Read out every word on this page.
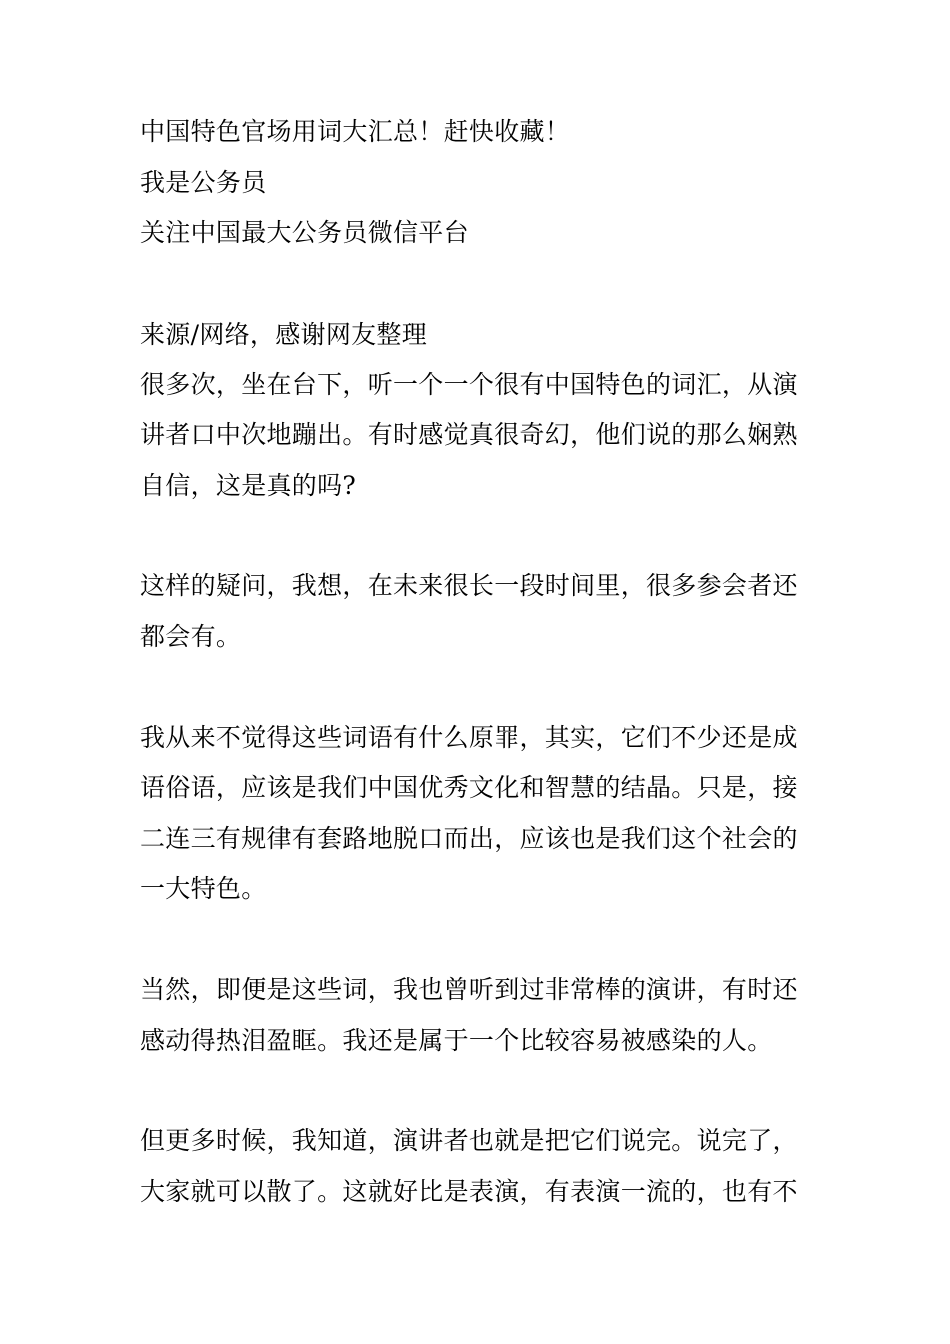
中国特色官场用词大汇总！赶快收藏！
我是公务员
关注中国最大公务员微信平台
来源/网络，感谢网友整理
很多次，坐在台下，听一个一个很有中国特色的词汇，从演
讲者口中次地蹦出。有时感觉真很奇幻，他们说的那么娴熟
自信，这是真的吗?
这样的疑问，我想，在未来很长一段时间里，很多参会者还
都会有。
我从来不觉得这些词语有什么原罪，其实，它们不少还是成
语俗语，应该是我们中国优秀文化和智慧的结晶。只是，接
二连三有规律有套路地脱口而出，应该也是我们这个社会的
一大特色。
当然，即便是这些词，我也曾听到过非常棒的演讲，有时还
感动得热泪盈眶。我还是属于一个比较容易被感染的人。
但更多时候，我知道，演讲者也就是把它们说完。说完了，
大家就可以散了。这就好比是表演，有表演一流的，也有不
